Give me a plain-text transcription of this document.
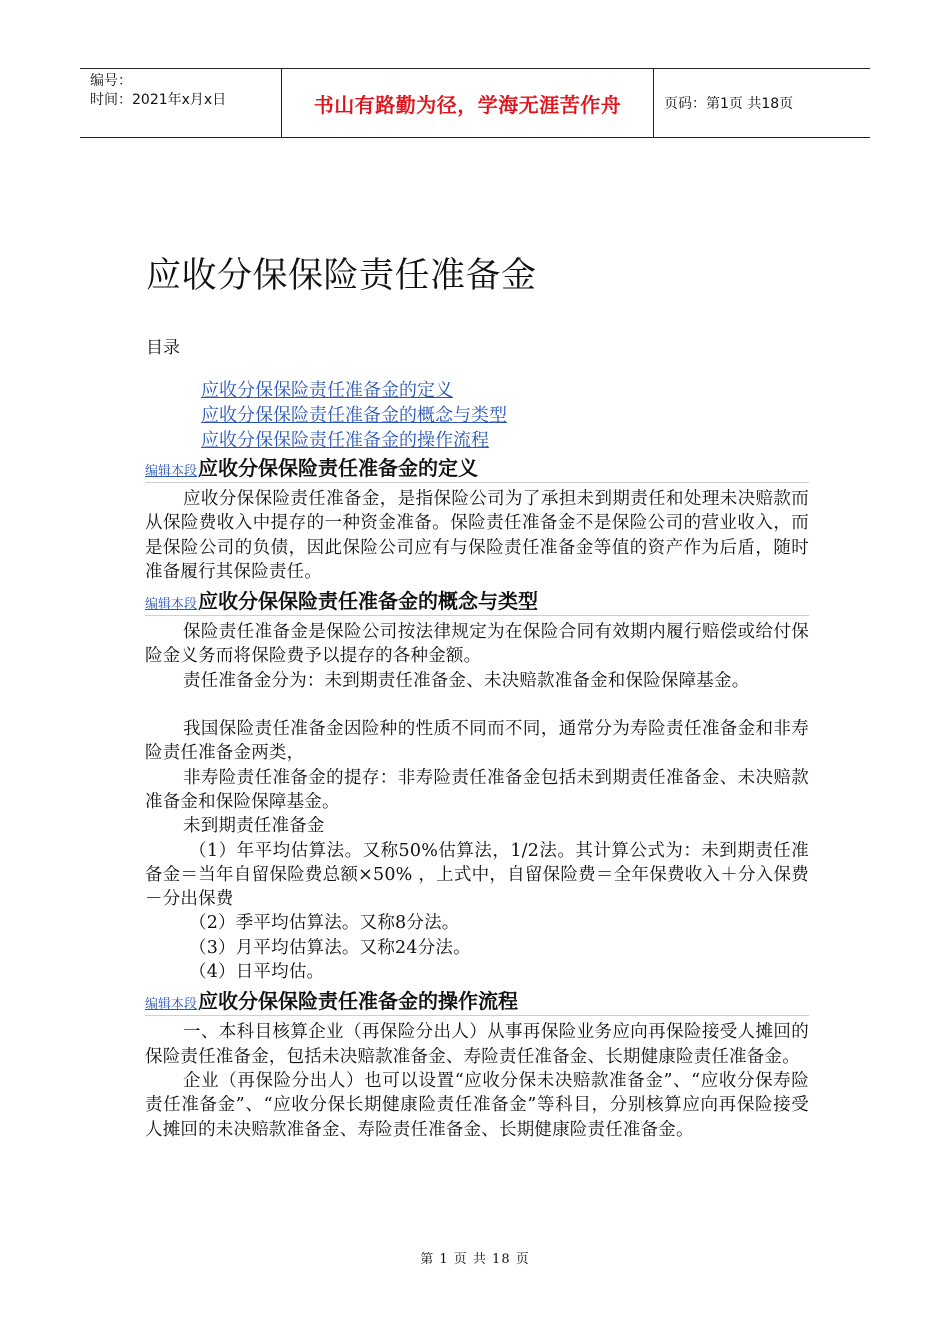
编号：
时间：2021年x月x日	书山有路勤为径，学海无涯苦作舟	页码：第1页 共18页
应收分保保险责任准备金
目录
应收分保保险责任准备金的定义
应收分保保险责任准备金的概念与类型
应收分保保险责任准备金的操作流程
编辑本段 应收分保保险责任准备金的定义

应收分保保险责任准备金，是指保险公司为了承担未到期责任和处理未决赔款而从保险费收入中提存的一种资金准备。保险责任准备金不是保险公司的营业收入，而是保险公司的负债，因此保险公司应有与保险责任准备金等值的资产作为后盾，随时准备履行其保险责任。

编辑本段 应收分保保险责任准备金的概念与类型

保险责任准备金是保险公司按法律规定为在保险合同有效期内履行赔偿或给付保险金义务而将保险费予以提存的各种金额。

责任准备金分为：未到期责任准备金、未决赔款准备金和保险保障基金。

我国保险责任准备金因险种的性质不同而不同，通常分为寿险责任准备金和非寿险责任准备金两类，

非寿险责任准备金的提存：非寿险责任准备金包括未到期责任准备金、未决赔款准备金和保险保障基金。

未到期责任准备金

（1）年平均估算法。又称50%估算法，1/2法。其计算公式为：未到期责任准备金＝当年自留保险费总额×50% ，上式中，自留保险费＝全年保费收入＋分入保费－分出保费

（2）季平均估算法。又称8分法。

（3）月平均估算法。又称24分法。

（4）日平均估。

编辑本段 应收分保保险责任准备金的操作流程

一、本科目核算企业（再保险分出人）从事再保险业务应向再保险接受人摊回的保险责任准备金，包括未决赔款准备金、寿险责任准备金、长期健康险责任准备金。

企业（再保险分出人）也可以设置“应收分保未决赔款准备金”、“应收分保寿险责任准备金”、“应收分保长期健康险责任准备金”等科目，分别核算应向再保险接受人摊回的未决赔款准备金、寿险责任准备金、长期健康险责任准备金。

第 1 页 共 18 页
